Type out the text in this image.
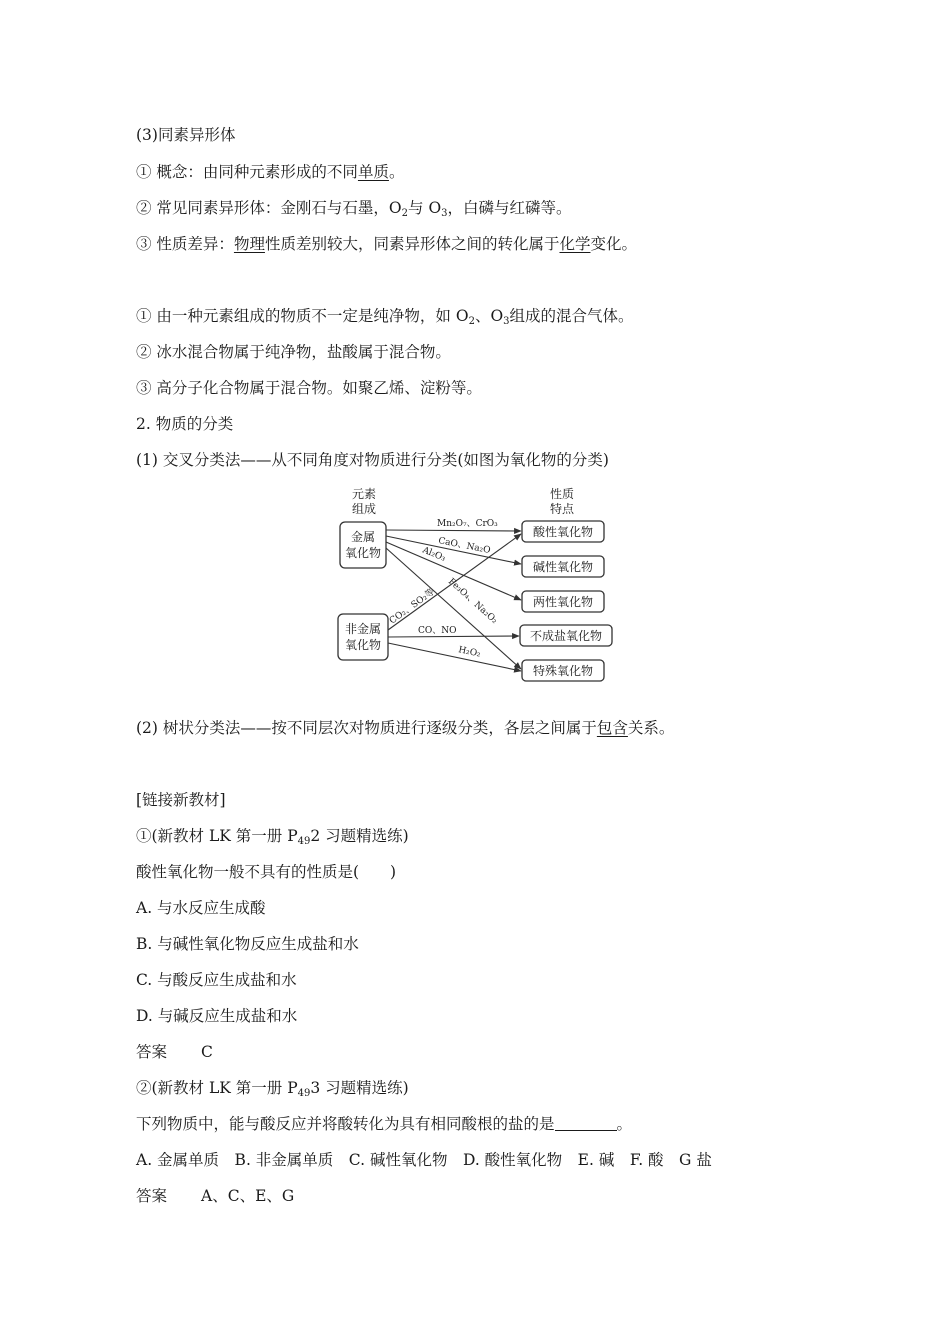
(3)同素异形体
① 概念：由同种元素形成的不同单质。
② 常见同素异形体：金刚石与石墨，$O_2$与 $O_3$，白磷与红磷等。
③ 性质差异：物理性质差别较大，同素异形体之间的转化属于化学变化。
① 由一种元素组成的物质不一定是纯净物，如 $O_2$、$O_3$组成的混合气体。
② 冰水混合物属于纯净物，盐酸属于混合物。
③ 高分子化合物属于混合物。如聚乙烯、淀粉等。
2. 物质的分类
(1) 交叉分类法——从不同角度对物质进行分类(如图为氧化物的分类)
元素
组成
性质
特点
金属
氧化物
非金属
氧化物
酸性氧化物
碱性氧化物
两性氧化物
不成盐氧化物
特殊氧化物
Mn₂O₇、CrO₃
CaO、Na₂O
Al₂O₃
Fe₃O₄、Na₂O₂
CO₂、SO₂等
CO、NO
H₂O₂
(2) 树状分类法——按不同层次对物质进行逐级分类，各层之间属于包含关系。
[链接新教材]
①(新教材 LK 第一册 $P_{49}2$ 习题精选练)
酸性氧化物一般不具有的性质是(　　)
A. 与水反应生成酸
B. 与碱性氧化物反应生成盐和水
C. 与酸反应生成盐和水
D. 与碱反应生成盐和水
答案 C
②(新教材 LK 第一册 $P_{49}3$ 习题精选练)
下列物质中，能与酸反应并将酸转化为具有相同酸根的盐的是	。
A. 金属单质　B. 非金属单质　C. 碱性氧化物　D. 酸性氧化物　E. 碱　F. 酸　G 盐
答案 A、C、E、G
